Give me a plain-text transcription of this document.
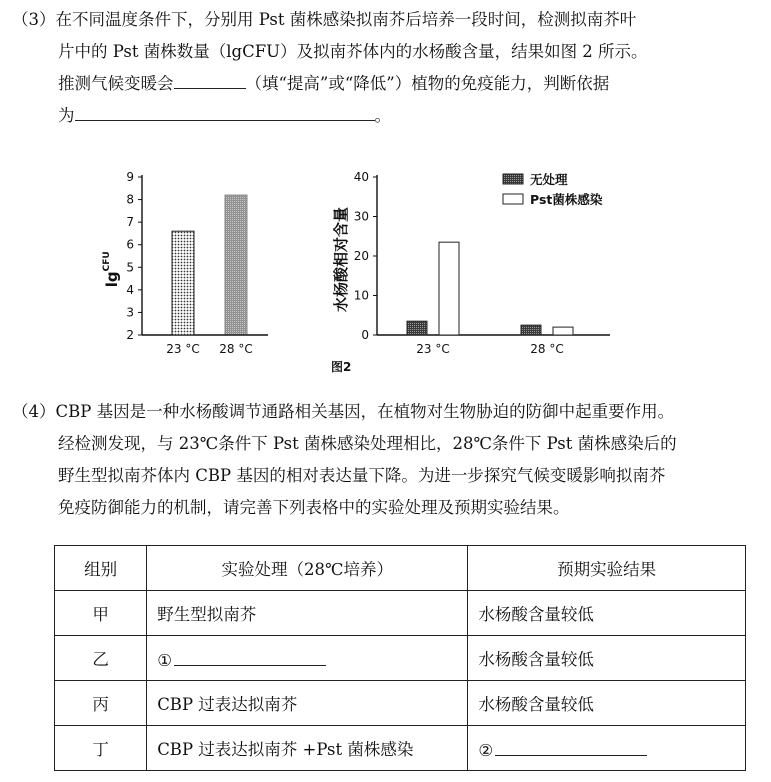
（3）在不同温度条件下，分别用 Pst 菌株感染拟南芥后培养一段时间，检测拟南芥叶

片中的 Pst 菌株数量（lgCFU）及拟南芥体内的水杨酸含量，结果如图 2 所示。
推测气候变暖会	（填“提高”或“降低”）植物的免疫能力，判断依据
为	。
$\lg^{CFU}$
2
3
4
5
6
7
8
9
23 °C 28 °C
水杨酸相对含量
0
10
20
30
40
23 °C	28 °C
无处理
Pst菌株感染
图2
（4）CBP 基因是一种水杨酸调节通路相关基因，在植物对生物胁迫的防御中起重要作用。

经检测发现，与 23℃条件下 Pst 菌株感染处理相比，28℃条件下 Pst 菌株感染后的
野生型拟南芥体内 CBP 基因的相对表达量下降。为进一步探究气候变暖影响拟南芥
免疫防御能力的机制，请完善下列表格中的实验处理及预期实验结果。
组别	实验处理（28℃培养）	预期实验结果
甲	野生型拟南芥	水杨酸含量较低
乙	①	水杨酸含量较低
丙	CBP 过表达拟南芥	水杨酸含量较低
丁	CBP 过表达拟南芥 +Pst 菌株感染	②
